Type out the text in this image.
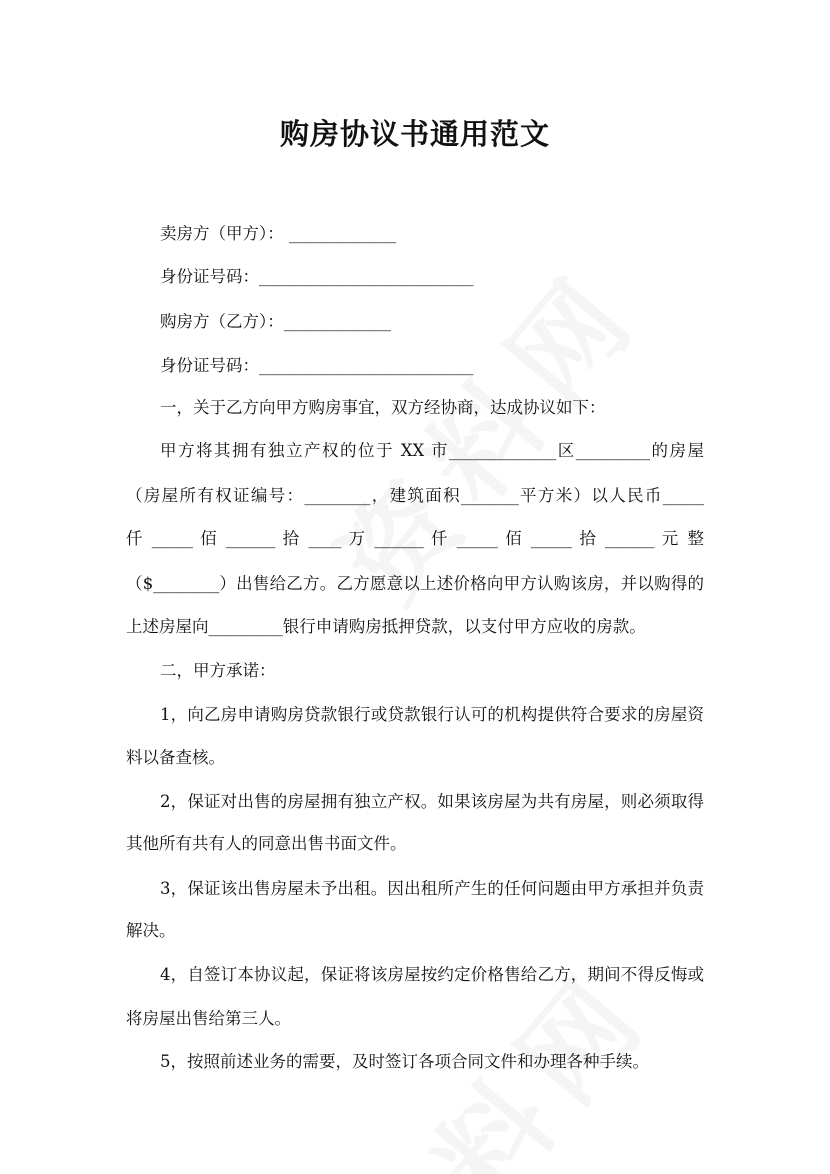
购房协议书通用范文
卖房方（甲方）： _____________
身份证号码：__________________________
购房方（乙方）：_____________
身份证号码：__________________________
一，关于乙方向甲方购房事宜，双方经协商，达成协议如下：
甲方将其拥有独立产权的位于 XX 市_____________区_________的房屋
（房屋所有权证编号：________，建筑面积_______平方米）以人民币_____
仟 _____ 佰 ______ 拾 ____ 万 ______ 仟 _____ 佰 _____ 拾 ______ 元 整
（$________）出售给乙方。乙方愿意以上述价格向甲方认购该房，并以购得的
上述房屋向_________银行申请购房抵押贷款，以支付甲方应收的房款。
二，甲方承诺：
1，向乙房申请购房贷款银行或贷款银行认可的机构提供符合要求的房屋资
料以备查核。
2，保证对出售的房屋拥有独立产权。如果该房屋为共有房屋，则必须取得
其他所有共有人的同意出售书面文件。
3，保证该出售房屋未予出租。因出租所产生的任何问题由甲方承担并负责
解决。
4，自签订本协议起，保证将该房屋按约定价格售给乙方，期间不得反悔或
将房屋出售给第三人。
5，按照前述业务的需要，及时签订各项合同文件和办理各种手续。
